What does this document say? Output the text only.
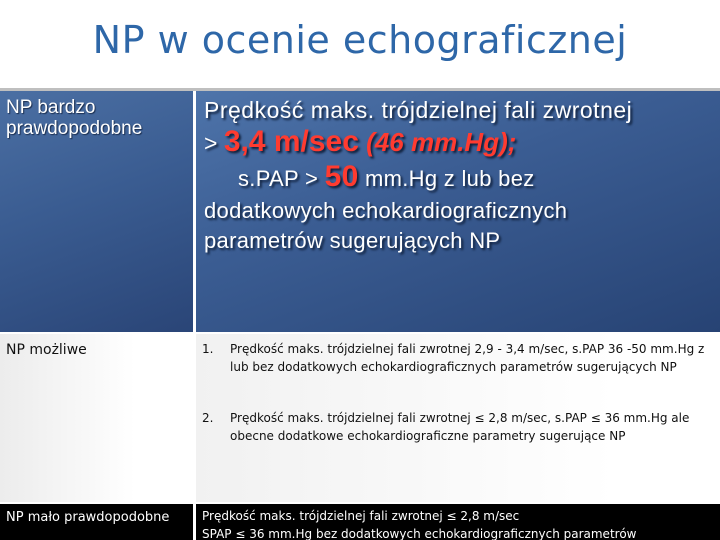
NP w ocenie echograficznej
NP bardzo prawdopodobne
Prędkość maks. trójdzielnej fali zwrotnej
> 3,4 m/sec (46 mm.Hg);
s.PAP > 50 mm.Hg z lub bez
dodatkowych echokardiograficznych
parametrów sugerujących NP
NP możliwe	1. Prędkość maks. trójdzielnej fali zwrotnej 2,9 - 3,4 m/sec, s.PAP 36 -50 mm.Hg z lub bez dodatkowych echokardiograficznych parametrów sugerujących NP
2. Prędkość maks. trójdzielnej fali zwrotnej ≤ 2,8 m/sec, s.PAP ≤ 36 mm.Hg ale obecne dodatkowe echokardiograficzne parametry sugerujące NP
NP mało prawdopodobne	Prędkość maks. trójdzielnej fali zwrotnej ≤ 2,8 m/sec
SPAP ≤ 36 mm.Hg bez dodatkowych echokardiograficznych parametrów
